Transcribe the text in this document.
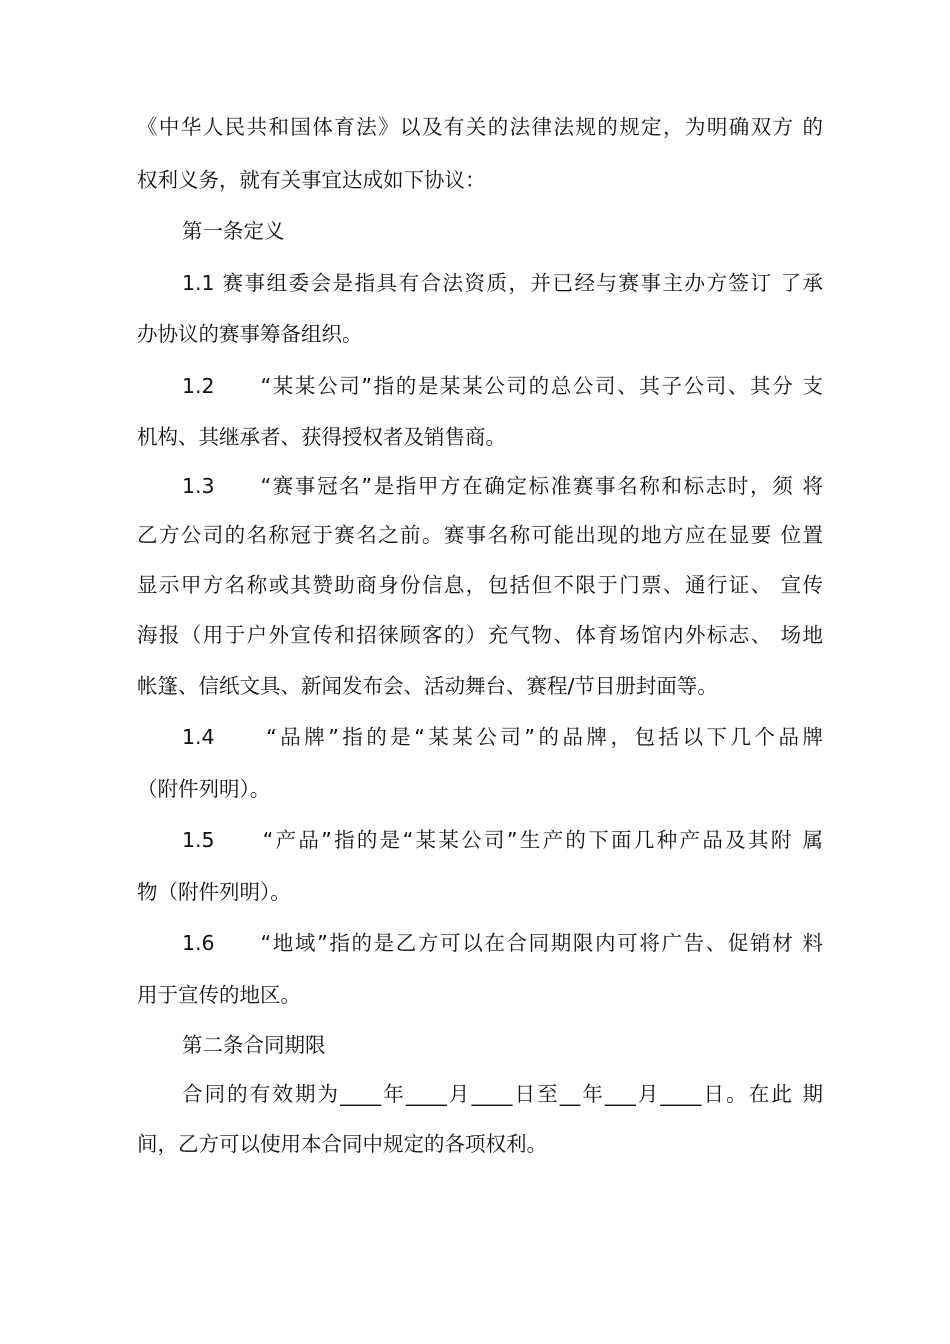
《中华人民共和国体育法》以及有关的法律法规的规定，为明确双方 的
权利义务，就有关事宜达成如下协议：
第一条定义
1.1 赛事组委会是指具有合法资质，并已经与赛事主办方签订 了承
办协议的赛事筹备组织。
1.2　　“某某公司”指的是某某公司的总公司、其子公司、其分 支
机构、其继承者、获得授权者及销售商。
1.3　　“赛事冠名”是指甲方在确定标准赛事名称和标志时，须 将
乙方公司的名称冠于赛名之前。赛事名称可能出现的地方应在显要 位置
显示甲方名称或其赞助商身份信息，包括但不限于门票、通行证、 宣传
海报（用于户外宣传和招徕顾客的）充气物、体育场馆内外标志、 场地
帐篷、信纸文具、新闻发布会、活动舞台、赛程/节目册封面等。
1.4　　“品牌”指的是“某某公司”的品牌，包括以下几个品牌
（附件列明）。
1.5　　“产品”指的是“某某公司”生产的下面几种产品及其附 属
物（附件列明）。
1.6　　“地域”指的是乙方可以在合同期限内可将广告、促销材 料
用于宣传的地区。
第二条合同期限
合同的有效期为____年____月____日至__年___月____日。在此 期
间，乙方可以使用本合同中规定的各项权利。
